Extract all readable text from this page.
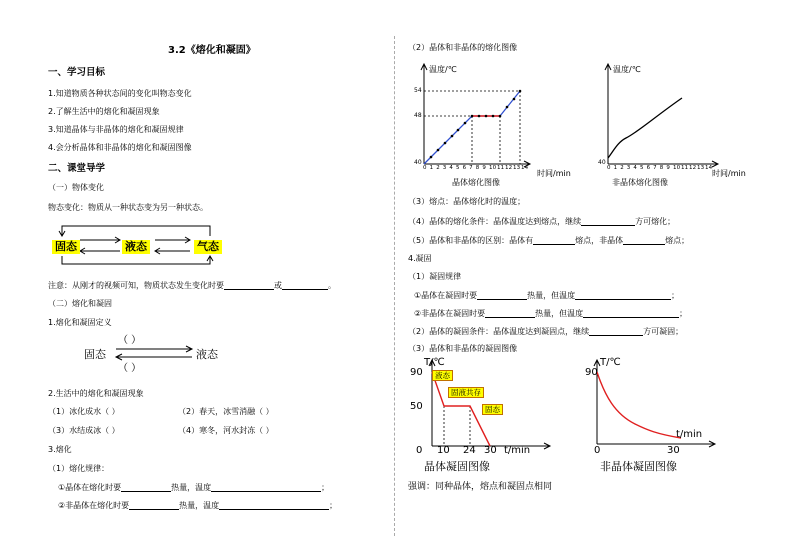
3.2《熔化和凝固》
一、学习目标
1.知道物质各种状态间的变化叫物态变化
2.了解生活中的熔化和凝固现象
3.知道晶体与非晶体的熔化和凝固规律
4.会分析晶体和非晶体的熔化和凝固图像
二、课堂导学
（一）物体变化
物态变化：物质从一种状态变为另一种状态。
固态	液态	气态
注意：从刚才的视频可知，物质状态发生变化时要	或	。
（二）熔化和凝固
1.熔化和凝固定义
（ ）
固态	液态
（ ）
2.生活中的熔化和凝固现象
（1）冰化成水（ ）	（2）春天，冰雪消融（ ）
（3）水结成冰（ ）	（4）寒冬，河水封冻（ ）
3.熔化
（1）熔化规律：
①晶体在熔化时要	热量，温度	；
②非晶体在熔化时要	热量，温度	；
（2）晶体和非晶体的熔化图像
温度/℃
54
48
40
0 1 2 3 4 5 6 7 8 9 1011121314
时间/min
晶体熔化图像
温度/℃
40
0 1 2 3 4 5 6 7 8 9 1011121314
时间/min
非晶体熔化图像
（3）熔点：晶体熔化时的温度；
（4）晶体的熔化条件：晶体温度达到熔点，继续	方可熔化；
（5）晶体和非晶体的区别：晶体有	熔点，非晶体	熔点；
4.凝固
（1）凝固规律
①晶体在凝固时要	热量，但温度	；
②非晶体在凝固时要	热量，但温度	；
（2）晶体的凝固条件：晶体温度达到凝固点，继续	方可凝固；
（3）晶体和非晶体的凝固图像
T/℃
90
50
液态
固液共存
固态
0 10 24 30 t/min
晶体凝固图像
T/℃
90
t/min
0	30
非晶体凝固图像
强调：同种晶体，熔点和凝固点相同
